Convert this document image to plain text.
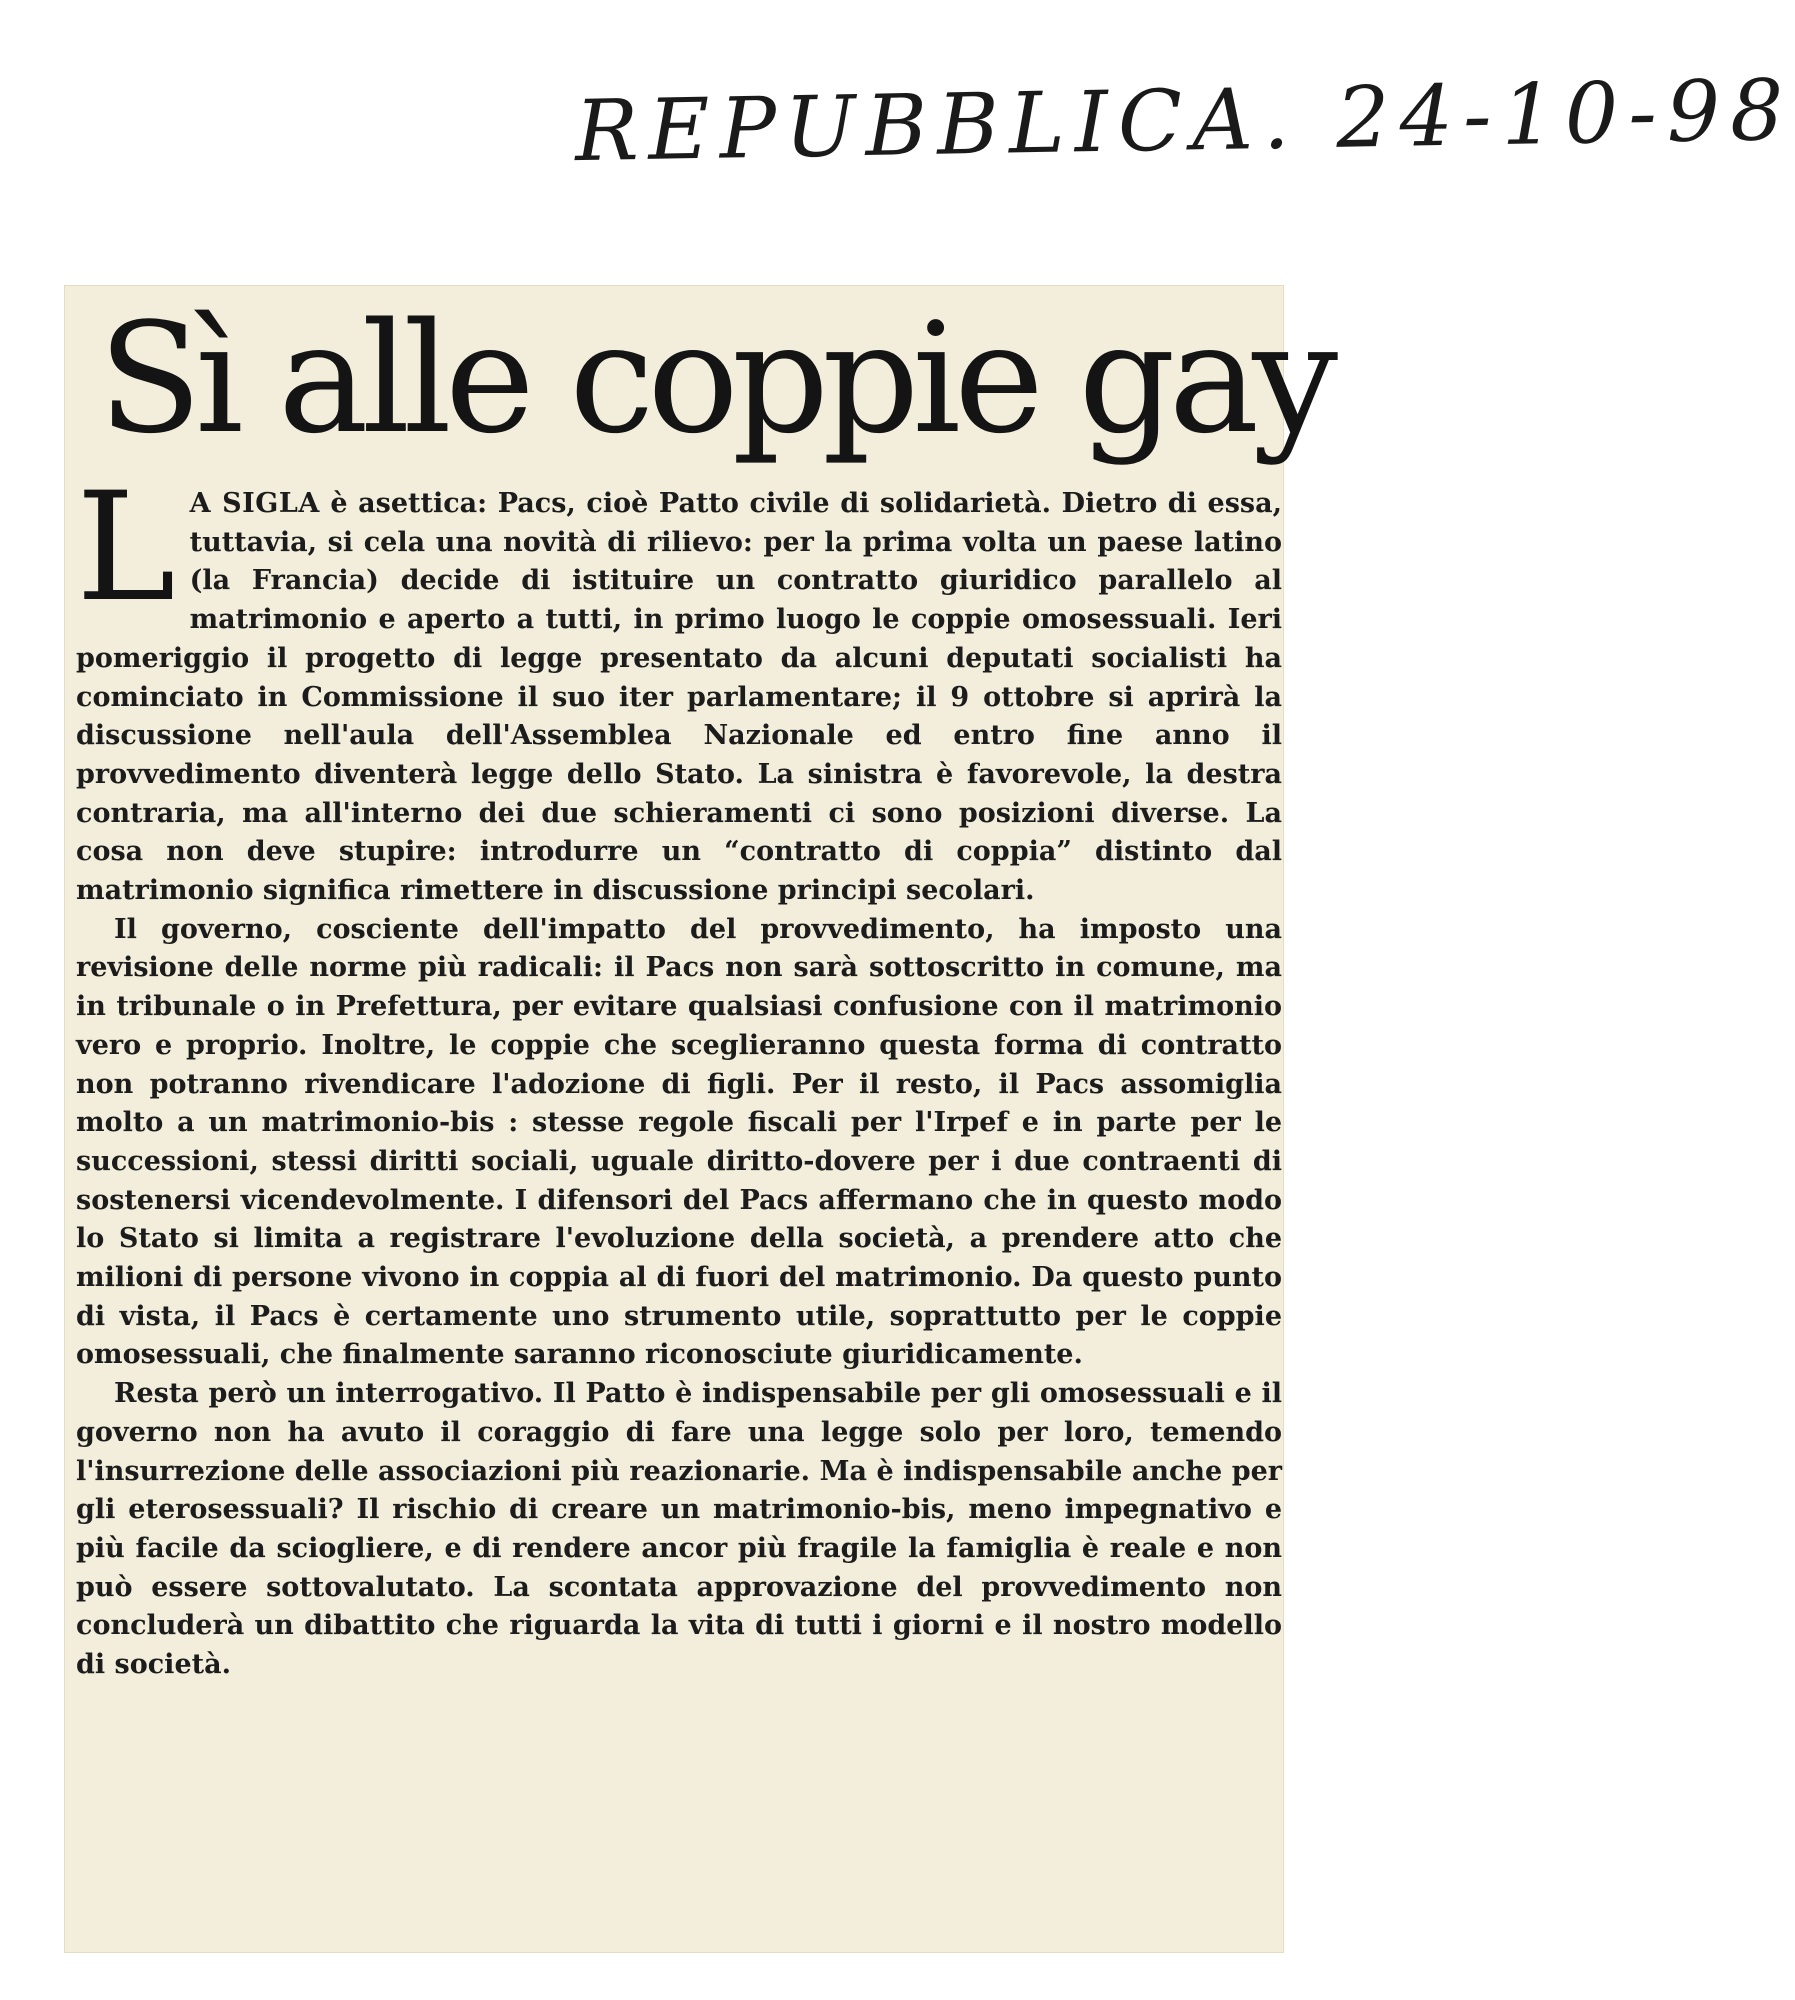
REPUBBLICA. 24-10-98
Sì alle coppie gay

L A SIGLA è asettica: Pacs, cioè Patto civile di solidarietà. Dietro di essa, tuttavia, si cela una novità di rilievo: per la prima volta un paese latino (la Francia) decide di istituire un contratto giuridico parallelo al matrimonio e aperto a tutti, in primo luogo le coppie omosessuali. Ieri pomeriggio il progetto di legge presentato da alcuni deputati socialisti ha cominciato in Commissione il suo iter parlamentare; il 9 ottobre si aprirà la discussione nell'aula dell'Assemblea Nazionale ed entro fine anno il provvedimento diventerà legge dello Stato. La sinistra è favorevole, la destra contraria, ma all'interno dei due schieramenti ci sono posizioni diverse. La cosa non deve stupire: introdurre un “contratto di coppia” distinto dal matrimonio significa rimettere in discussione principi secolari.

Il governo, cosciente dell'impatto del provvedimento, ha imposto una revisione delle norme più radicali: il Pacs non sarà sottoscritto in comune, ma in tribunale o in Prefettura, per evitare qualsiasi confusione con il matrimonio vero e proprio. Inoltre, le coppie che sceglieranno questa forma di contratto non potranno rivendicare l'adozione di figli. Per il resto, il Pacs assomiglia molto a un matrimonio-bis : stesse regole fiscali per l'Irpef e in parte per le successioni, stessi diritti sociali, uguale diritto-dovere per i due contraenti di sostenersi vicendevolmente. I difensori del Pacs affermano che in questo modo lo Stato si limita a registrare l'evoluzione della società, a prendere atto che milioni di persone vivono in coppia al di fuori del matrimonio. Da questo punto di vista, il Pacs è certamente uno strumento utile, soprattutto per le coppie omosessuali, che finalmente saranno riconosciute giuridicamente.

Resta però un interrogativo. Il Patto è indispensabile per gli omosessuali e il governo non ha avuto il coraggio di fare una legge solo per loro, temendo l'insurrezione delle associazioni più reazionarie. Ma è indispensabile anche per gli eterosessuali? Il rischio di creare un matrimonio-bis, meno impegnativo e più facile da sciogliere, e di rendere ancor più fragile la famiglia è reale e non può essere sottovalutato. La scontata approvazione del provvedimento non concluderà un dibattito che riguarda la vita di tutti i giorni e il nostro modello di società.
